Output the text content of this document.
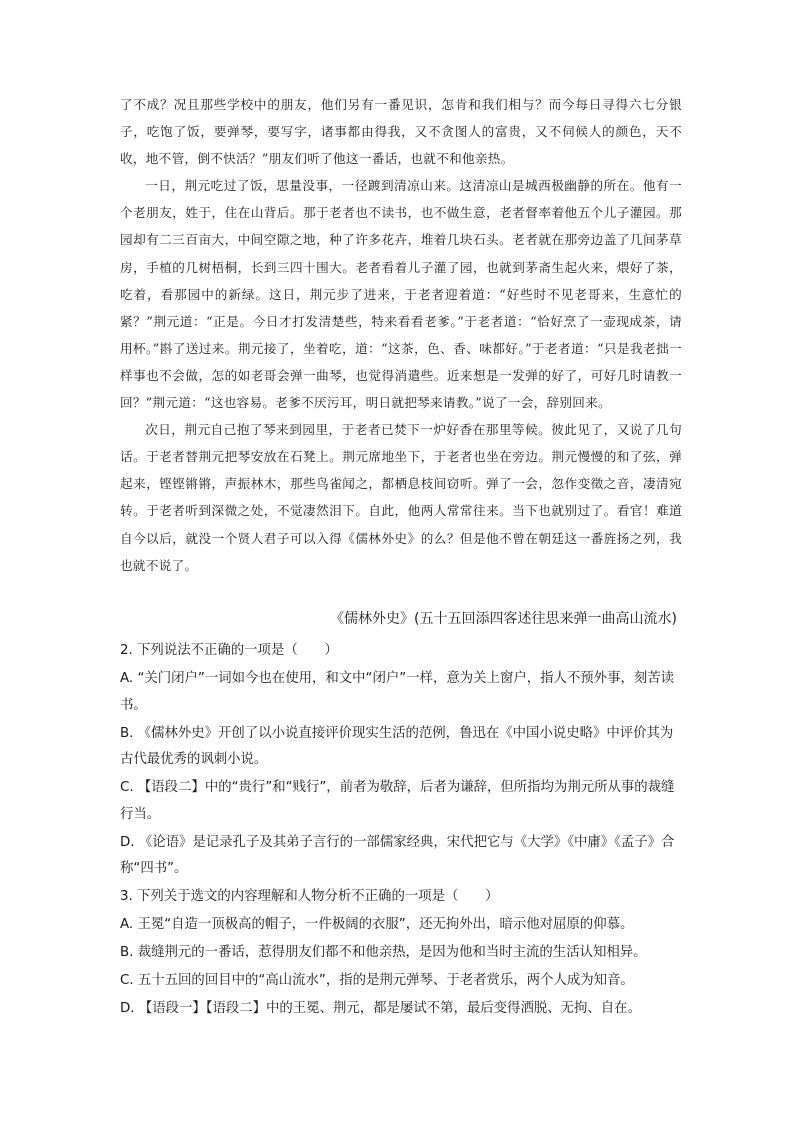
了不成？况且那些学校中的朋友，他们另有一番见识，怎肯和我们相与？而今每日寻得六七分银子，吃饱了饭，要弹琴，要写字，诸事都由得我，又不贪图人的富贵，又不伺候人的颜色，天不收，地不管，倒不快活？”朋友们听了他这一番话，也就不和他亲热。

一日，荆元吃过了饭，思量没事，一径踱到清凉山来。这清凉山是城西极幽静的所在。他有一个老朋友，姓于，住在山背后。那于老者也不读书，也不做生意，老者督率着他五个儿子灌园。那园却有二三百亩大，中间空隙之地，种了许多花卉，堆着几块石头。老者就在那旁边盖了几间茅草房，手植的几树梧桐，长到三四十围大。老者看着儿子灌了园，也就到茅斋生起火来，煨好了茶，吃着，看那园中的新绿。这日，荆元步了进来，于老者迎着道：“好些时不见老哥来，生意忙的紧？”荆元道：“正是。今日才打发清楚些，特来看看老爹。”于老者道：“恰好烹了一壶现成茶，请用杯。”斟了送过来。荆元接了，坐着吃，道：“这茶，色、香、味都好。”于老者道：“只是我老拙一样事也不会做，怎的如老哥会弹一曲琴，也觉得消遣些。近来想是一发弹的好了，可好几时请教一回？”荆元道：“这也容易。老爹不厌污耳，明日就把琴来请教。”说了一会，辞别回来。

次日，荆元自己抱了琴来到园里，于老者已焚下一炉好香在那里等候。彼此见了，又说了几句话。于老者替荆元把琴安放在石凳上。荆元席地坐下，于老者也坐在旁边。荆元慢慢的和了弦，弹起来，铿铿锵锵，声振林木，那些鸟雀闻之，都栖息枝间窃听。弹了一会，忽作变徵之音，凄清宛转。于老者听到深微之处，不觉凄然泪下。自此，他两人常常往来。当下也就别过了。看官！难道自今以后，就没一个贤人君子可以入得《儒林外史》的么？但是他不曾在朝廷这一番旌扬之列，我也就不说了。

《儒林外史》(五十五回添四客述往思来弹一曲高山流水)
2. 下列说法不正确的一项是（　　）
A. “关门闭户”一词如今也在使用，和文中“闭户”一样，意为关上窗户，指人不预外事，刻苦读书。
B. 《儒林外史》开创了以小说直接评价现实生活的范例，鲁迅在《中国小说史略》中评价其为古代最优秀的讽刺小说。
C. 【语段二】中的“贵行”和“贱行”，前者为敬辞，后者为谦辞，但所指均为荆元所从事的裁缝行当。
D. 《论语》是记录孔子及其弟子言行的一部儒家经典，宋代把它与《大学》《中庸》《孟子》合称“四书”。
3. 下列关于选文的内容理解和人物分析不正确的一项是（　　）
A. 王冕“自造一顶极高的帽子，一件极阔的衣服”，还无拘外出，暗示他对屈原的仰慕。
B. 裁缝荆元的一番话，惹得朋友们都不和他亲热，是因为他和当时主流的生活认知相异。
C. 五十五回的回目中的“高山流水”，指的是荆元弹琴、于老者赏乐，两个人成为知音。
D. 【语段一】【语段二】中的王冕、荆元，都是屡试不第，最后变得洒脱、无拘、自在。
